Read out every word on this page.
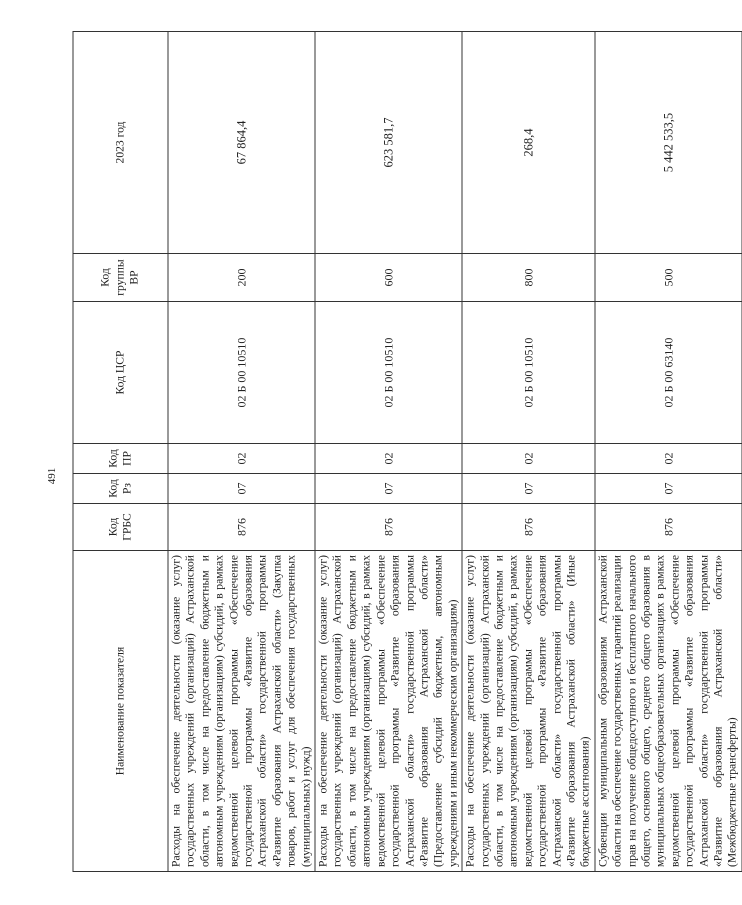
491
Наименование показателя	Код ГРБС	Код Рз	Код ПР	Код ЦСР	Код группы ВР	2023 год
Расходы на обеспечение деятельности (оказание услуг) государственных учреждений (организаций) Астраханской области, в том числе на предоставление бюджетным и автономным учреждениям (организациям) субсидий, в рамках ведомственной целевой программы «Обеспечение государственной программы «Развитие образования Астраханской области» государственной программы «Развитие образования Астраханской области» (Закупка товаров, работ и услуг для обеспечения государственных (муниципальных) нужд)	876	07	02	02 Б 00 10510	200	67 864,4
Расходы на обеспечение деятельности (оказание услуг) государственных учреждений (организаций) Астраханской области, в том числе на предоставление бюджетным и автономным учреждениям (организациям) субсидий, в рамках ведомственной целевой программы «Обеспечение государственной программы «Развитие образования Астраханской области» государственной программы «Развитие образования Астраханской области» (Предоставление субсидий бюджетным, автономным учреждениям и иным некоммерческим организациям)	876	07	02	02 Б 00 10510	600	623 581,7
Расходы на обеспечение деятельности (оказание услуг) государственных учреждений (организаций) Астраханской области, в том числе на предоставление бюджетным и автономным учреждениям (организациям) субсидий, в рамках ведомственной целевой программы «Обеспечение государственной программы «Развитие образования Астраханской области» государственной программы «Развитие образования Астраханской области» (Иные бюджетные ассигнования)	876	07	02	02 Б 00 10510	800	268,4
Субвенции муниципальным образованиям Астраханской области на обеспечение государственных гарантий реализации прав на получение общедоступного и бесплатного начального общего, основного общего, среднего общего образования в муниципальных общеобразовательных организациях в рамках ведомственной целевой программы «Обеспечение государственной программы «Развитие образования Астраханской области» государственной программы «Развитие образования Астраханской области» (Межбюджетные трансферты)	876	07	02	02 Б 00 63140	500	5 442 533,5
